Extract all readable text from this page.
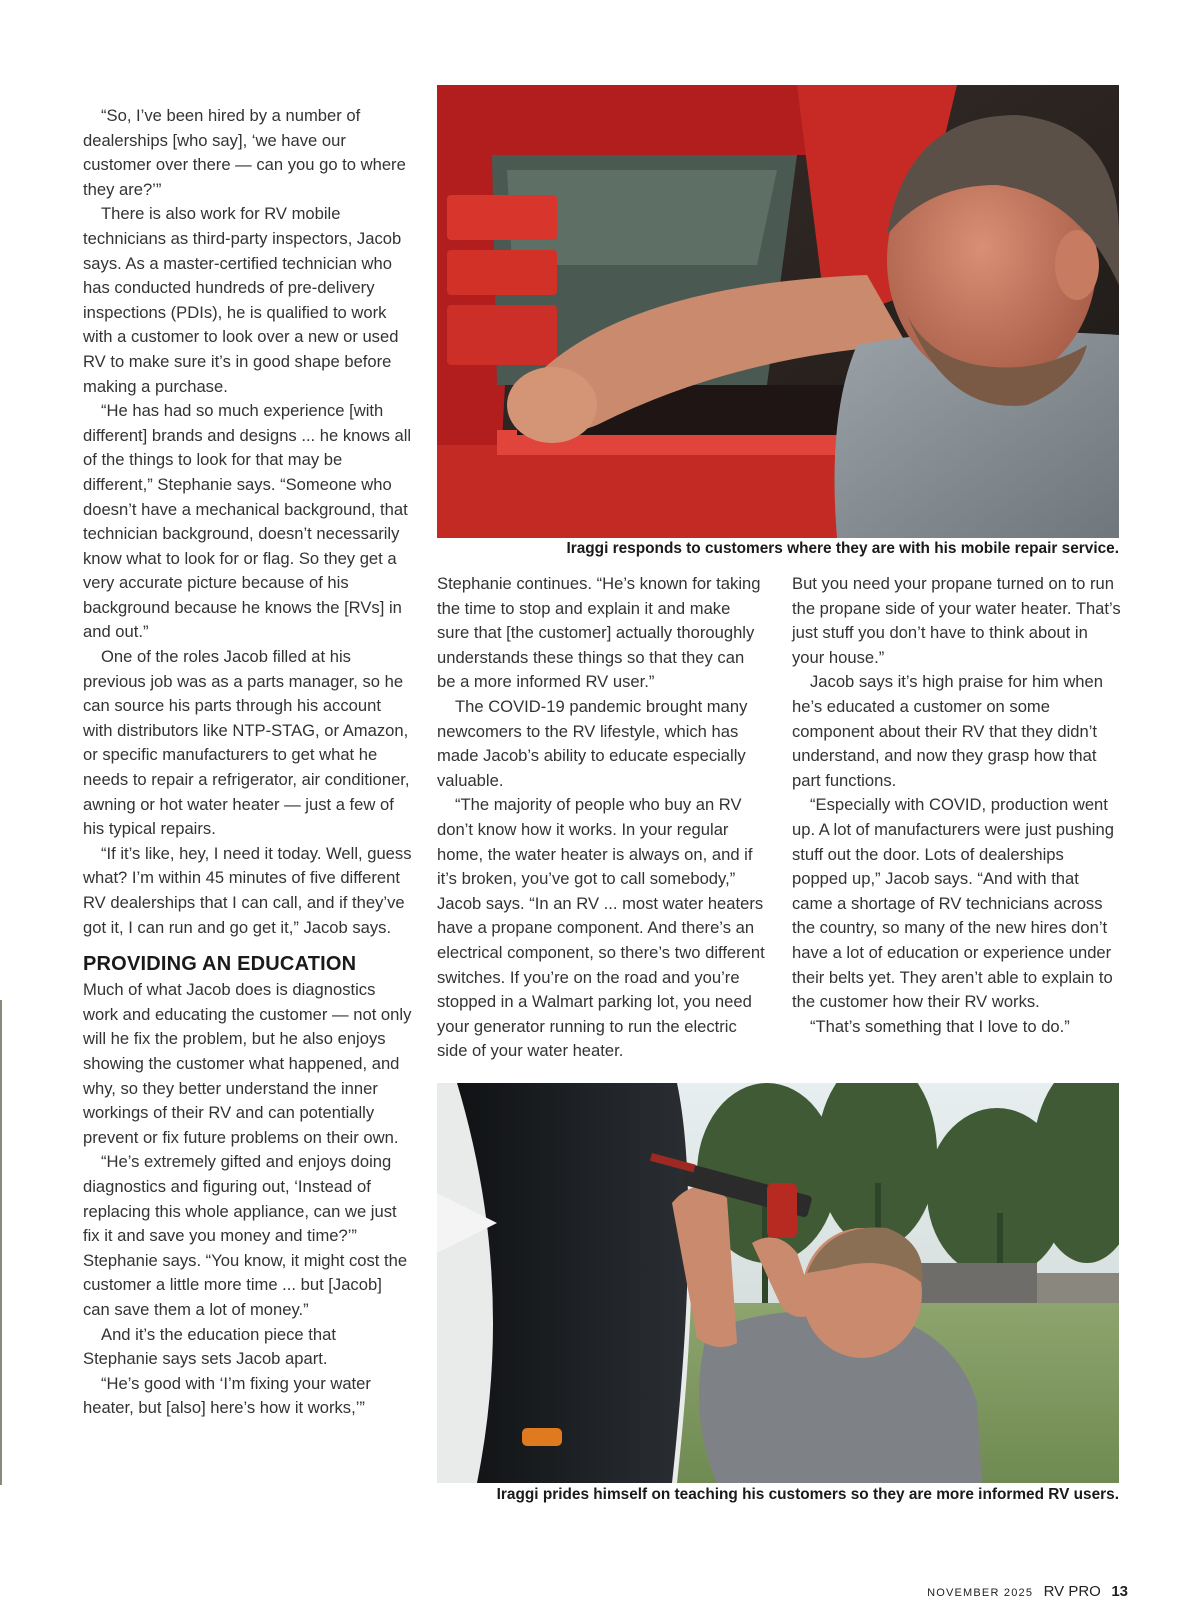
“So, I’ve been hired by a number of dealerships [who say], ‘we have our customer over there — can you go to where they are?’”

There is also work for RV mobile technicians as third-party inspectors, Jacob says. As a master-certified technician who has conducted hundreds of pre-delivery inspections (PDIs), he is qualified to work with a customer to look over a new or used RV to make sure it’s in good shape before making a purchase.

“He has had so much experience [with different] brands and designs ... he knows all of the things to look for that may be different,” Stephanie says. “Someone who doesn’t have a mechanical background, that technician background, doesn’t necessarily know what to look for or flag. So they get a very accurate picture because of his background because he knows the [RVs] in and out.”

One of the roles Jacob filled at his previous job was as a parts manager, so he can source his parts through his account with distributors like NTP-STAG, or Amazon, or specific manufacturers to get what he needs to repair a refrigerator, air conditioner, awning or hot water heater — just a few of his typical repairs.

“If it’s like, hey, I need it today. Well, guess what? I’m within 45 minutes of five different RV dealerships that I can call, and if they’ve got it, I can run and go get it,” Jacob says.

PROVIDING AN EDUCATION

Much of what Jacob does is diagnostics work and educating the customer — not only will he fix the problem, but he also enjoys showing the customer what happened, and why, so they better understand the inner workings of their RV and can potentially prevent or fix future problems on their own.

“He’s extremely gifted and enjoys doing diagnostics and figuring out, ‘Instead of replacing this whole appliance, can we just fix it and save you money and time?’” Stephanie says. “You know, it might cost the customer a little more time ... but [Jacob] can save them a lot of money.”

And it’s the education piece that Stephanie says sets Jacob apart.

“He’s good with ‘I’m fixing your water heater, but [also] here’s how it works,’”

Iraggi responds to customers where they are with his mobile repair service.

Stephanie continues. “He’s known for taking the time to stop and explain it and make sure that [the customer] actually thoroughly understands these things so that they can be a more informed RV user.”

The COVID-19 pandemic brought many newcomers to the RV lifestyle, which has made Jacob’s ability to educate especially valuable.

“The majority of people who buy an RV don’t know how it works. In your regular home, the water heater is always on, and if it’s broken, you’ve got to call somebody,” Jacob says. “In an RV ... most water heaters have a propane component. And there’s an electrical component, so there’s two different switches. If you’re on the road and you’re stopped in a Walmart parking lot, you need your generator running to run the electric side of your water heater.

But you need your propane turned on to run the propane side of your water heater. That’s just stuff you don’t have to think about in your house.”

Jacob says it’s high praise for him when he’s educated a customer on some component about their RV that they didn’t understand, and now they grasp how that part functions.

“Especially with COVID, production went up. A lot of manufacturers were just pushing stuff out the door. Lots of dealerships popped up,” Jacob says. “And with that came a shortage of RV technicians across the country, so many of the new hires don’t have a lot of education or experience under their belts yet. They aren’t able to explain to the customer how their RV works.

“That’s something that I love to do.”

Iraggi prides himself on teaching his customers so they are more informed RV users.
NOVEMBER 2025 RV PRO 13
